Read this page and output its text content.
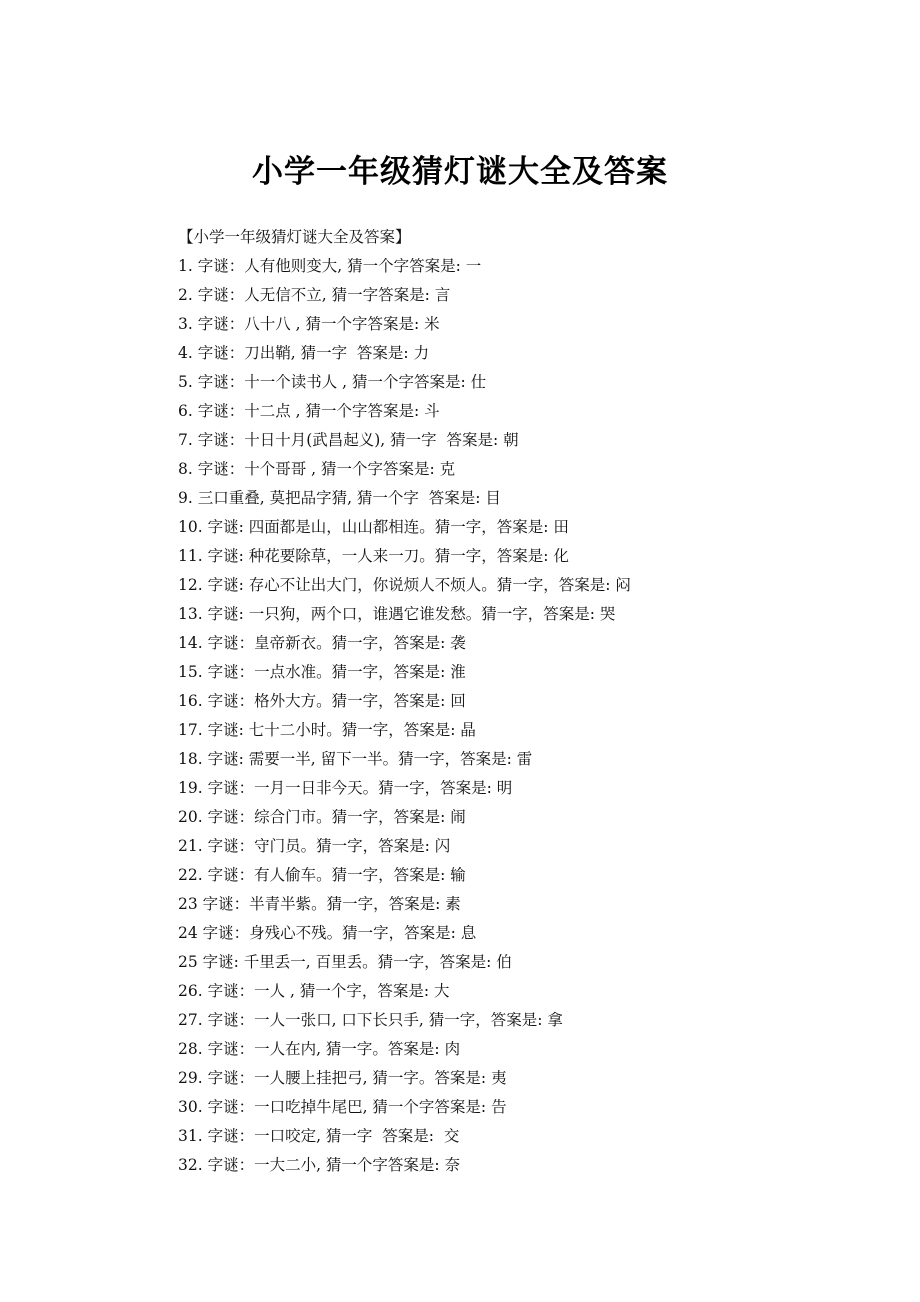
小学一年级猜灯谜大全及答案
【小学一年级猜灯谜大全及答案】
1. 字谜：人有他则变大, 猜一个字答案是: 一
2. 字谜：人无信不立, 猜一字答案是: 言
3. 字谜：八十八 , 猜一个字答案是: 米
4. 字谜：刀出鞘, 猜一字  答案是: 力
5. 字谜：十一个读书人 , 猜一个字答案是: 仕
6. 字谜：十二点 , 猜一个字答案是: 斗
7. 字谜：十日十月(武昌起义), 猜一字  答案是: 朝
8. 字谜：十个哥哥 , 猜一个字答案是: 克
9. 三口重叠, 莫把品字猜, 猜一个字  答案是: 目
10. 字谜: 四面都是山，山山都相连。猜一字，答案是: 田
11. 字谜: 种花要除草，一人来一刀。猜一字，答案是: 化
12. 字谜: 存心不让出大门，你说烦人不烦人。猜一字，答案是: 闷
13. 字谜: 一只狗，两个口，谁遇它谁发愁。猜一字，答案是: 哭
14. 字谜：皇帝新衣。猜一字，答案是: 袭
15. 字谜：一点水准。猜一字，答案是: 淮
16. 字谜：格外大方。猜一字，答案是: 回
17. 字谜: 七十二小时。猜一字，答案是: 晶
18. 字谜: 需要一半, 留下一半。猜一字，答案是: 雷
19. 字谜：一月一日非今天。猜一字，答案是: 明
20. 字谜：综合门市。猜一字，答案是: 闹
21. 字谜：守门员。猜一字，答案是: 闪
22. 字谜：有人偷车。猜一字，答案是: 输
23 字谜：半青半紫。猜一字，答案是: 素
24 字谜：身残心不残。猜一字，答案是: 息
25 字谜: 千里丢一, 百里丢。猜一字，答案是: 伯
26. 字谜：一人 , 猜一个字，答案是: 大
27. 字谜：一人一张口, 口下长只手, 猜一字，答案是: 拿
28. 字谜：一人在内, 猜一字。答案是: 肉
29. 字谜：一人腰上挂把弓, 猜一字。答案是: 夷
30. 字谜：一口吃掉牛尾巴, 猜一个字答案是: 告
31. 字谜：一口咬定, 猜一字  答案是:  交
32. 字谜：一大二小, 猜一个字答案是: 奈
